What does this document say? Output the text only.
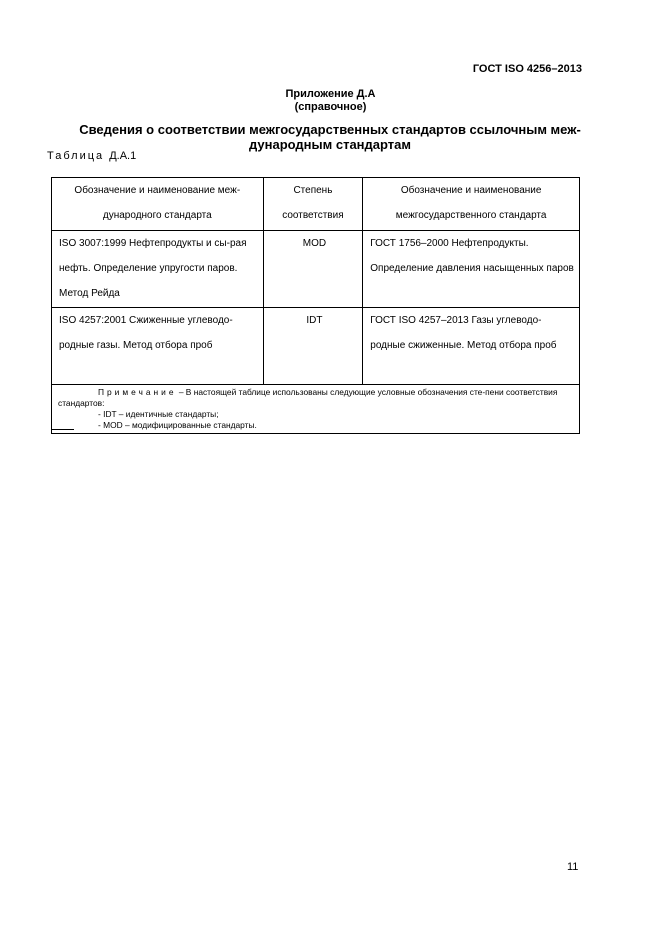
ГОСТ ISO 4256–2013
Приложение Д.А
(справочное)
Сведения о соответствии межгосударственных стандартов ссылочным меж-дународным стандартам
Таблица Д.А.1
Обозначение и наименование меж-дународного стандарта	Степень соответствия	Обозначение и наименование межгосударственного стандарта

ISO 3007:1999 Нефтепродукты и сы-рая нефть. Определение упругости паров. Метод Рейда	MOD	ГОСТ 1756–2000 Нефтепродукты. Определение давления насыщенных паров

ISO 4257:2001 Сжиженные углеводо-родные газы. Метод отбора проб	IDT	ГОСТ ISO 4257–2013 Газы углеводо-родные сжиженные. Метод отбора проб

Примечание – В настоящей таблице использованы следующие условные обозначения сте-пени соответствия стандартов:
- IDT – идентичные стандарты;
- MOD – модифицированные стандарты.		
11
